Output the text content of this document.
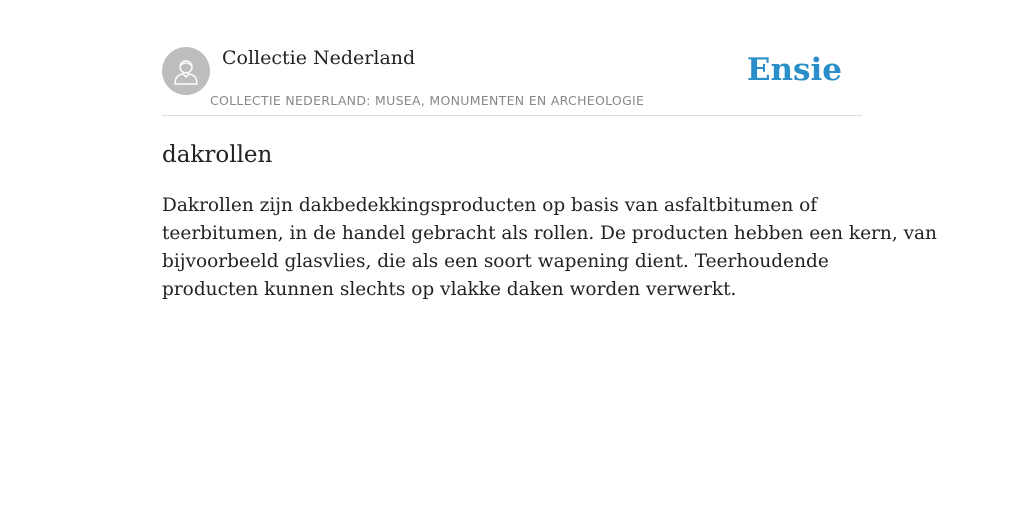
Collectie Nederland
COLLECTIE NEDERLAND: MUSEA, MONUMENTEN EN ARCHEOLOGIE
Ensie
dakrollen
Dakrollen zijn dakbedekkingsproducten op basis van asfaltbitumen of
teerbitumen, in de handel gebracht als rollen. De producten hebben een kern, van
bijvoorbeeld glasvlies, die als een soort wapening dient. Teerhoudende
producten kunnen slechts op vlakke daken worden verwerkt.
